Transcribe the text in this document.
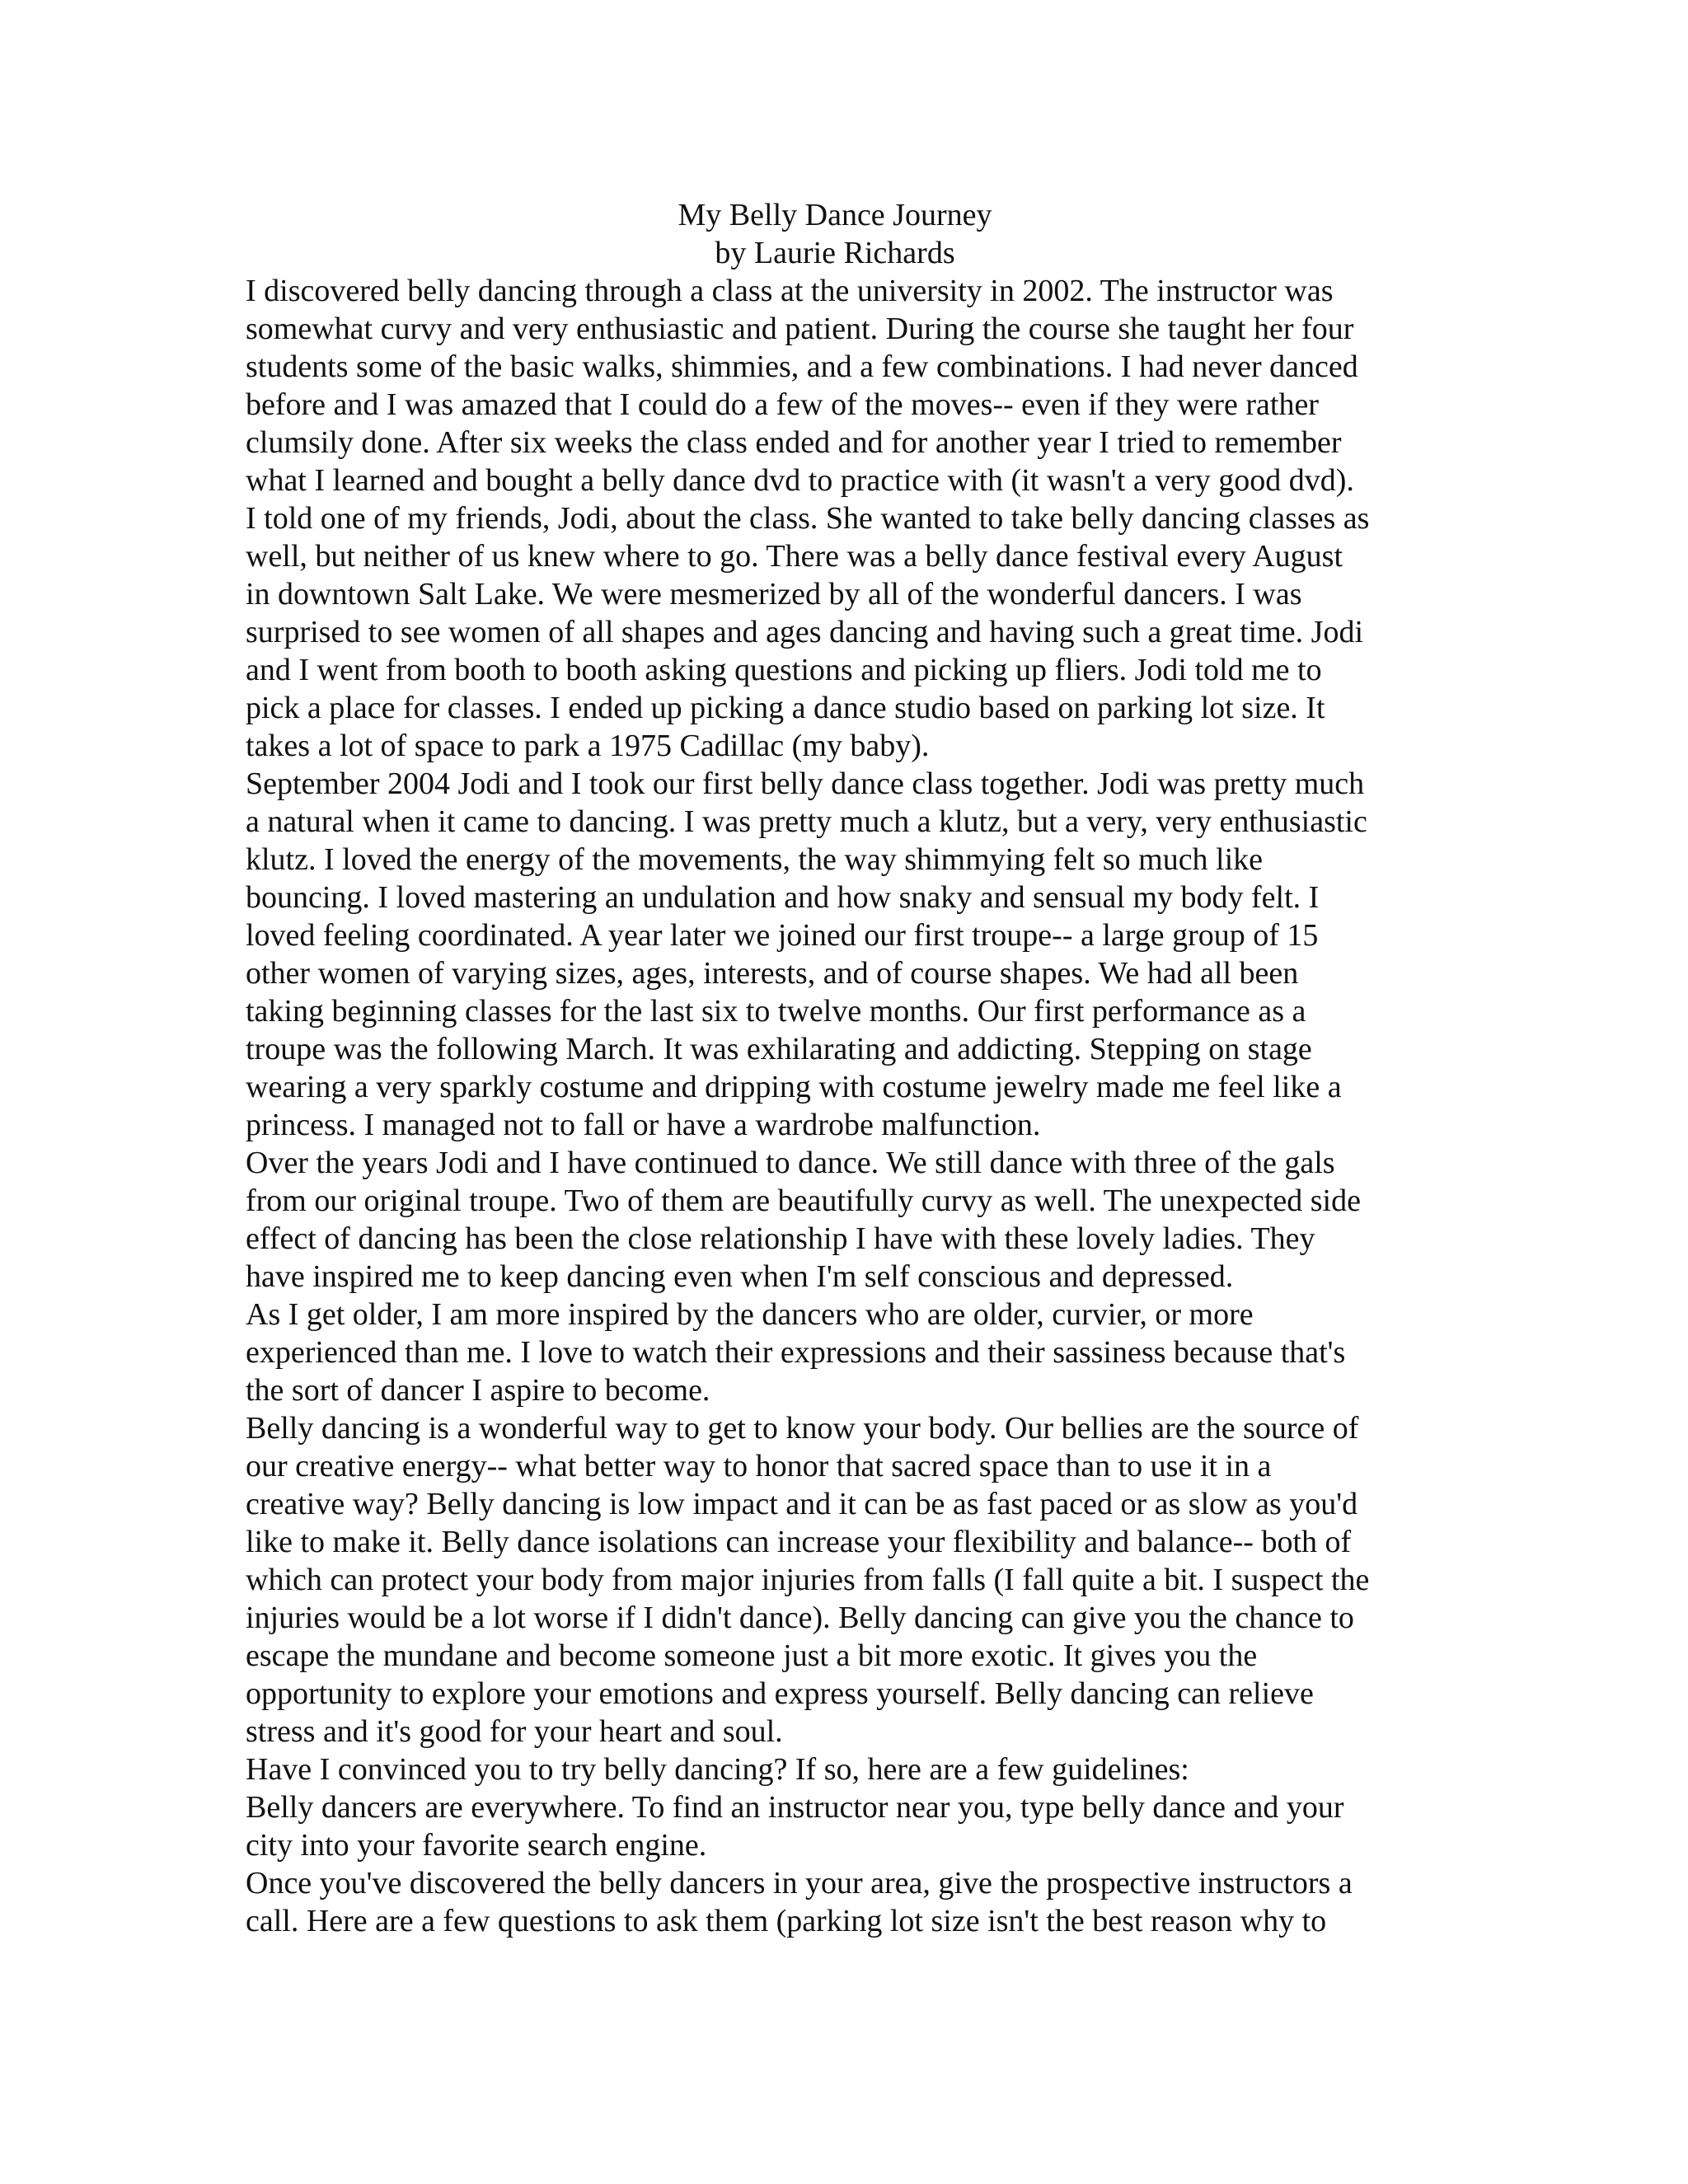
My Belly Dance Journey
by Laurie Richards
I discovered belly dancing through a class at the university in 2002. The instructor was
somewhat curvy and very enthusiastic and patient. During the course she taught her four
students some of the basic walks, shimmies, and a few combinations. I had never danced
before and I was amazed that I could do a few of the moves-- even if they were rather
clumsily done. After six weeks the class ended and for another year I tried to remember
what I learned and bought a belly dance dvd to practice with (it wasn't a very good dvd).
I told one of my friends, Jodi, about the class. She wanted to take belly dancing classes as
well, but neither of us knew where to go. There was a belly dance festival every August
in downtown Salt Lake. We were mesmerized by all of the wonderful dancers. I was
surprised to see women of all shapes and ages dancing and having such a great time. Jodi
and I went from booth to booth asking questions and picking up fliers. Jodi told me to
pick a place for classes. I ended up picking a dance studio based on parking lot size. It
takes a lot of space to park a 1975 Cadillac (my baby).
September 2004 Jodi and I took our first belly dance class together. Jodi was pretty much
a natural when it came to dancing. I was pretty much a klutz, but a very, very enthusiastic
klutz. I loved the energy of the movements, the way shimmying felt so much like
bouncing. I loved mastering an undulation and how snaky and sensual my body felt. I
loved feeling coordinated. A year later we joined our first troupe-- a large group of 15
other women of varying sizes, ages, interests, and of course shapes. We had all been
taking beginning classes for the last six to twelve months. Our first performance as a
troupe was the following March. It was exhilarating and addicting. Stepping on stage
wearing a very sparkly costume and dripping with costume jewelry made me feel like a
princess. I managed not to fall or have a wardrobe malfunction.
Over the years Jodi and I have continued to dance. We still dance with three of the gals
from our original troupe. Two of them are beautifully curvy as well. The unexpected side
effect of dancing has been the close relationship I have with these lovely ladies. They
have inspired me to keep dancing even when I'm self conscious and depressed.
As I get older, I am more inspired by the dancers who are older, curvier, or more
experienced than me. I love to watch their expressions and their sassiness because that's
the sort of dancer I aspire to become.
Belly dancing is a wonderful way to get to know your body. Our bellies are the source of
our creative energy-- what better way to honor that sacred space than to use it in a
creative way? Belly dancing is low impact and it can be as fast paced or as slow as you'd
like to make it. Belly dance isolations can increase your flexibility and balance-- both of
which can protect your body from major injuries from falls (I fall quite a bit. I suspect the
injuries would be a lot worse if I didn't dance). Belly dancing can give you the chance to
escape the mundane and become someone just a bit more exotic. It gives you the
opportunity to explore your emotions and express yourself. Belly dancing can relieve
stress and it's good for your heart and soul.
Have I convinced you to try belly dancing? If so, here are a few guidelines:
Belly dancers are everywhere. To find an instructor near you, type belly dance and your
city into your favorite search engine.
Once you've discovered the belly dancers in your area, give the prospective instructors a
call. Here are a few questions to ask them (parking lot size isn't the best reason why to
